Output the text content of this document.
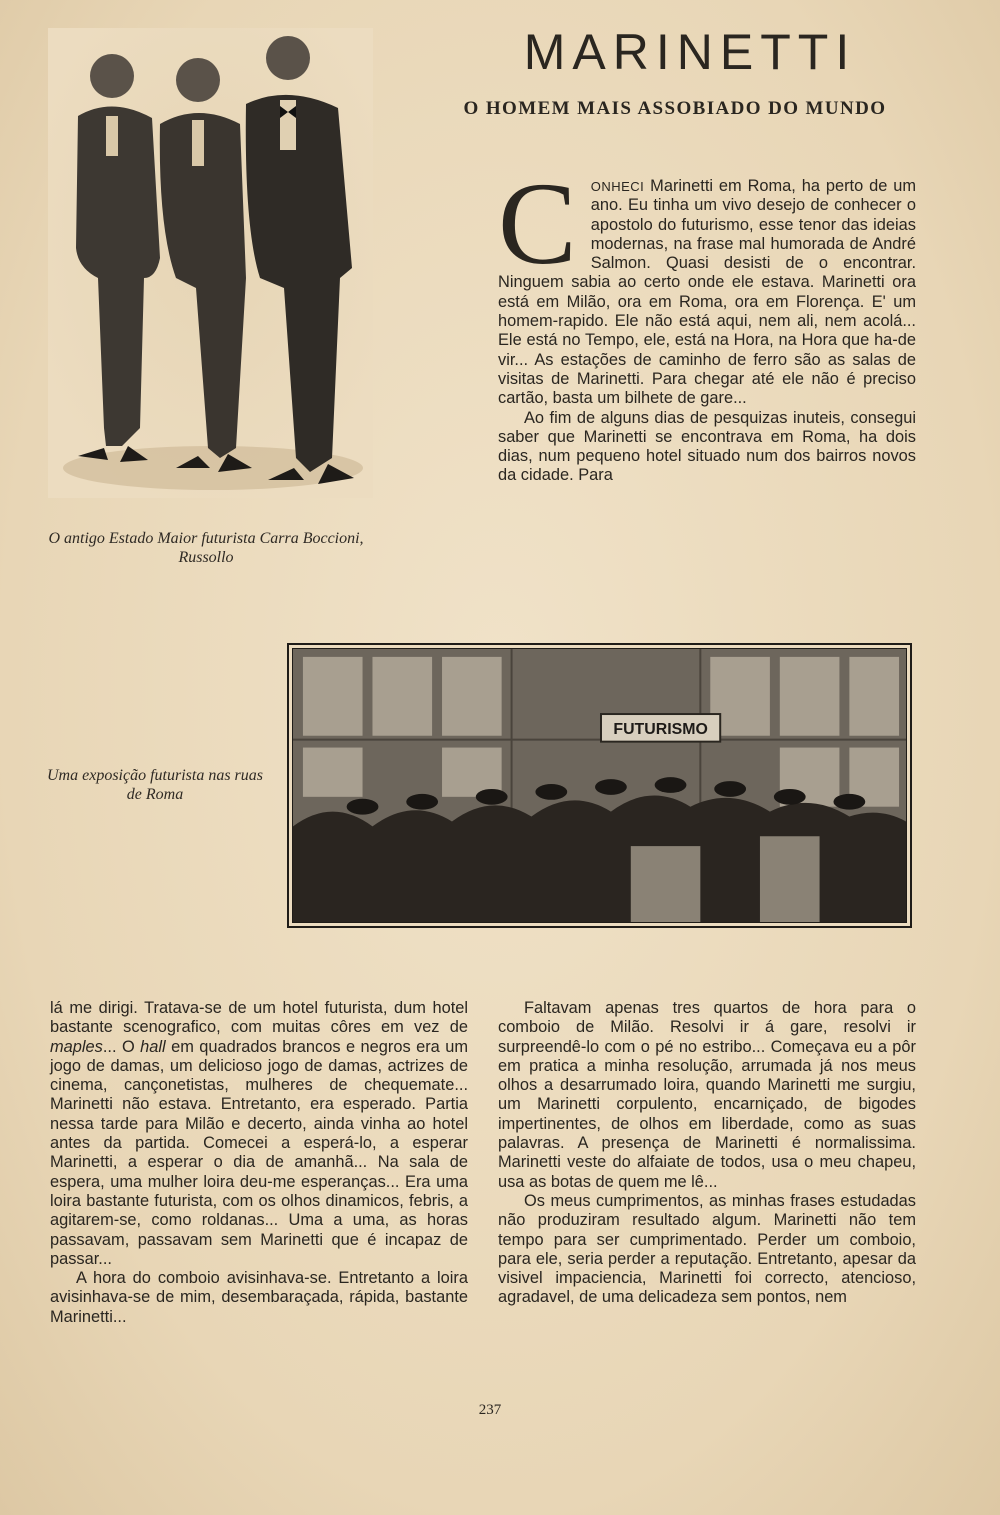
MARINETTI
O HOMEM MAIS ASSOBIADO DO MUNDO

O antigo Estado Maior futurista Carra Boccioni, Russollo

FUTURISMO

Uma exposição futurista nas ruas de Roma

C ONHECI Marinetti em Roma, ha perto de um ano. Eu tinha um vivo desejo de conhecer o apostolo do futurismo, esse tenor das ideias modernas, na frase mal humorada de André Salmon. Quasi desisti de o encontrar. Ninguem sabia ao certo onde ele estava. Marinetti ora está em Milão, ora em Roma, ora em Florença. E' um homem-rapido. Ele não está aqui, nem ali, nem acolá... Ele está no Tempo, ele, está na Hora, na Hora que ha-de vir... As estações de caminho de ferro são as salas de visitas de Marinetti. Para chegar até ele não é preciso cartão, basta um bilhete de gare...

Ao fim de alguns dias de pesquizas inuteis, consegui saber que Marinetti se encontrava em Roma, ha dois dias, num pequeno hotel situado num dos bairros novos da cidade. Para

lá me dirigi. Tratava-se de um hotel futurista, dum hotel bastante scenografico, com muitas côres em vez de maples... O hall em quadrados brancos e negros era um jogo de damas, um delicioso jogo de damas, actrizes de cinema, cançonetistas, mulheres de chequemate... Marinetti não estava. Entretanto, era esperado. Partia nessa tarde para Milão e decerto, ainda vinha ao hotel antes da partida. Comecei a esperá-lo, a esperar Marinetti, a esperar o dia de amanhã... Na sala de espera, uma mulher loira deu-me esperanças... Era uma loira bastante futurista, com os olhos dinamicos, febris, a agitarem-se, como roldanas... Uma a uma, as horas passavam, passavam sem Marinetti que é incapaz de passar...

A hora do comboio avisinhava-se. Entretanto a loira avisinhava-se de mim, desembaraçada, rápida, bastante Marinetti...

Faltavam apenas tres quartos de hora para o comboio de Milão. Resolvi ir á gare, resolvi ir surpreendê-lo com o pé no estribo... Começava eu a pôr em pratica a minha resolução, arrumada já nos meus olhos a desarrumado loira, quando Marinetti me surgiu, um Marinetti corpulento, encarniçado, de bigodes impertinentes, de olhos em liberdade, como as suas palavras. A presença de Marinetti é normalissima. Marinetti veste do alfaiate de todos, usa o meu chapeu, usa as botas de quem me lê...

Os meus cumprimentos, as minhas frases estudadas não produziram resultado algum. Marinetti não tem tempo para ser cumprimentado. Perder um comboio, para ele, seria perder a reputação. Entretanto, apesar da visivel impaciencia, Marinetti foi correcto, atencioso, agradavel, de uma delicadeza sem pontos, nem

237
